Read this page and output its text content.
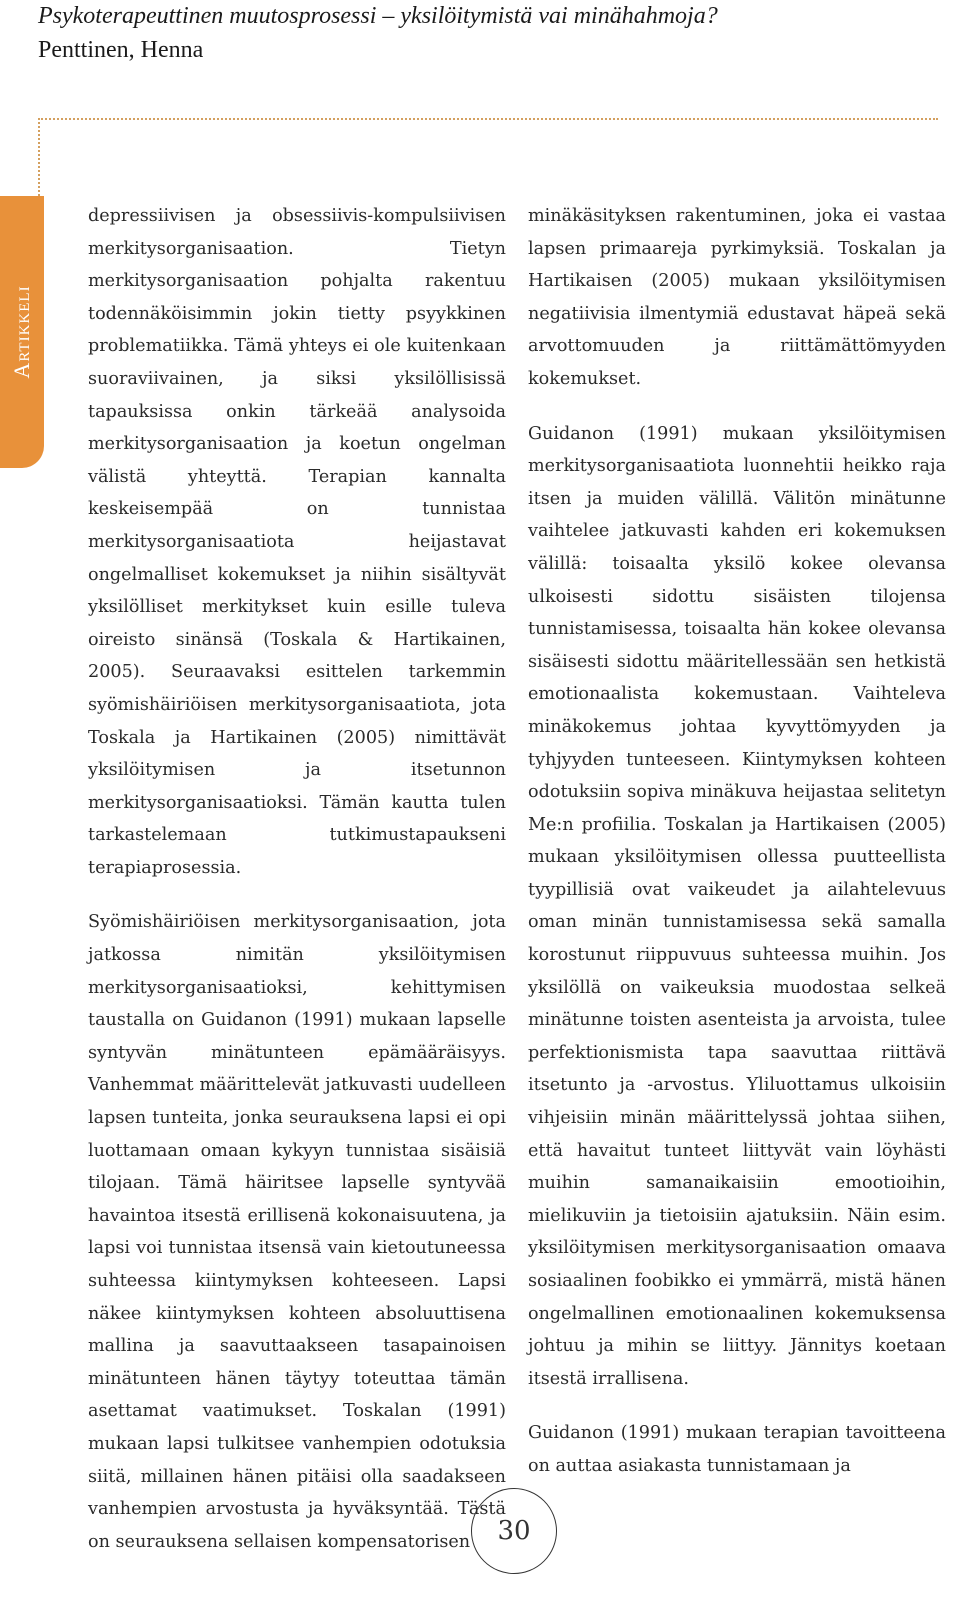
Psykoterapeuttinen muutosprosessi – yksilöitymistä vai minähahmoja?
Penttinen, Henna
Artikkeli

depressiivisen ja obsessiivis-kompulsiivisen merkitysorganisaation. Tietyn merkitysorganisaation pohjalta rakentuu todennäköisimmin jokin tietty psyykkinen problematiikka. Tämä yhteys ei ole kuitenkaan suoraviivainen, ja siksi yksilöllisissä tapauksissa onkin tärkeää analysoida merkitysorganisaation ja koetun ongelman välistä yhteyttä. Terapian kannalta keskeisempää on tunnistaa merkitysorganisaatiota heijastavat ongelmalliset kokemukset ja niihin sisältyvät yksilölliset merkitykset kuin esille tuleva oireisto sinänsä (Toskala & Hartikainen, 2005). Seuraavaksi esittelen tarkemmin syömishäiriöisen merkitysorganisaatiota, jota Toskala ja Hartikainen (2005) nimittävät yksilöitymisen ja itsetunnon merkitysorganisaatioksi. Tämän kautta tulen tarkastelemaan tutkimustapaukseni terapiaprosessia.

Syömishäiriöisen merkitysorganisaation, jota jatkossa nimitän yksilöitymisen merkitysorganisaatioksi, kehittymisen taustalla on Guidanon (1991) mukaan lapselle syntyvän minätunteen epämääräisyys. Vanhemmat määrittelevät jatkuvasti uudelleen lapsen tunteita, jonka seurauksena lapsi ei opi luottamaan omaan kykyyn tunnistaa sisäisiä tilojaan. Tämä häiritsee lapselle syntyvää havaintoa itsestä erillisenä kokonaisuutena, ja lapsi voi tunnistaa itsensä vain kietoutuneessa suhteessa kiintymyksen kohteeseen. Lapsi näkee kiintymyksen kohteen absoluuttisena mallina ja saavuttaakseen tasapainoisen minätunteen hänen täytyy toteuttaa tämän asettamat vaatimukset. Toskalan (1991) mukaan lapsi tulkitsee vanhempien odotuksia siitä, millainen hänen pitäisi olla saadakseen vanhempien arvostusta ja hyväksyntää. Tästä on seurauksena sellaisen kompensatorisen

minäkäsityksen rakentuminen, joka ei vastaa lapsen primaareja pyrkimyksiä. Toskalan ja Hartikaisen (2005) mukaan yksilöitymisen negatiivisia ilmentymiä edustavat häpeä sekä arvottomuuden ja riittämättömyyden kokemukset.

Guidanon (1991) mukaan yksilöitymisen merkitysorganisaatiota luonnehtii heikko raja itsen ja muiden välillä. Välitön minätunne vaihtelee jatkuvasti kahden eri kokemuksen välillä: toisaalta yksilö kokee olevansa ulkoisesti sidottu sisäisten tilojensa tunnistamisessa, toisaalta hän kokee olevansa sisäisesti sidottu määritellessään sen hetkistä emotionaalista kokemustaan. Vaihteleva minäkokemus johtaa kyvyttömyyden ja tyhjyyden tunteeseen. Kiintymyksen kohteen odotuksiin sopiva minäkuva heijastaa selitetyn Me:n profiilia. Toskalan ja Hartikaisen (2005) mukaan yksilöitymisen ollessa puutteellista tyypillisiä ovat vaikeudet ja ailahtelevuus oman minän tunnistamisessa sekä samalla korostunut riippuvuus suhteessa muihin. Jos yksilöllä on vaikeuksia muodostaa selkeä minätunne toisten asenteista ja arvoista, tulee perfektionismista tapa saavuttaa riittävä itsetunto ja -arvostus. Yliluottamus ulkoisiin vihjeisiin minän määrittelyssä johtaa siihen, että havaitut tunteet liittyvät vain löyhästi muihin samanaikaisiin emootioihin, mielikuviin ja tietoisiin ajatuksiin. Näin esim. yksilöitymisen merkitysorganisaation omaava sosiaalinen foobikko ei ymmärrä, mistä hänen ongelmallinen emotionaalinen kokemuksensa johtuu ja mihin se liittyy. Jännitys koetaan itsestä irrallisena.

Guidanon (1991) mukaan terapian tavoitteena on auttaa asiakasta tunnistamaan ja

30
